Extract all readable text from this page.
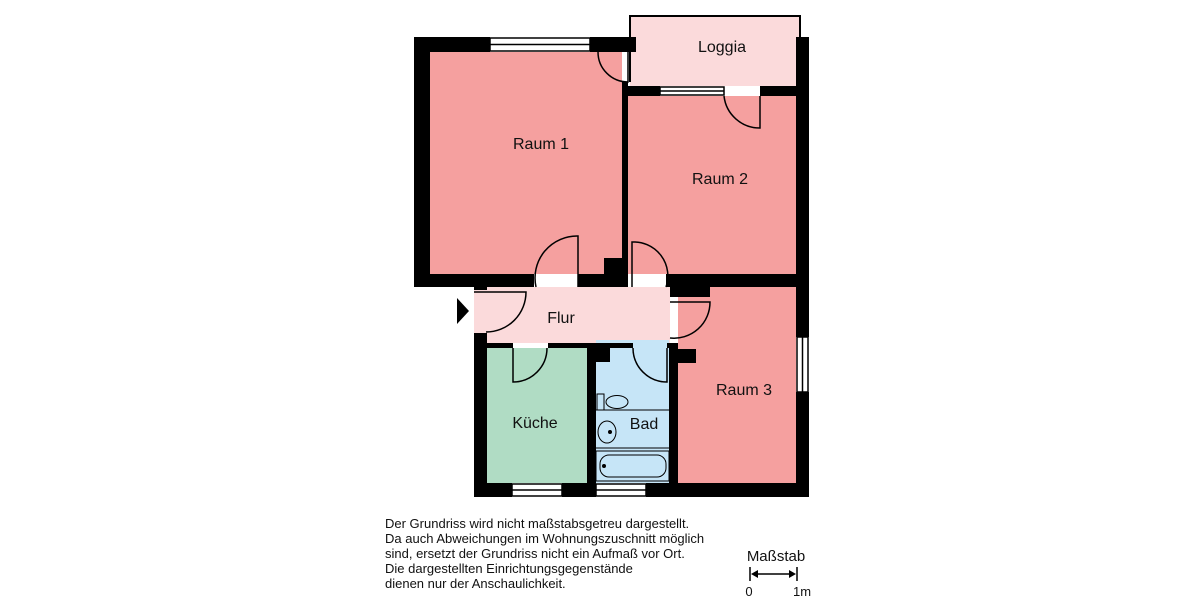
Loggia
Raum 1
Raum 2
Flur
Raum 3
Küche	Bad
Maßstab
0	1m
Der Grundriss wird nicht maßstabsgetreu dargestellt.
Da auch Abweichungen im Wohnungszuschnitt möglich
sind, ersetzt der Grundriss nicht ein Aufmaß vor Ort.
Die dargestellten Einrichtungsgegenstände
dienen nur der Anschaulichkeit.
